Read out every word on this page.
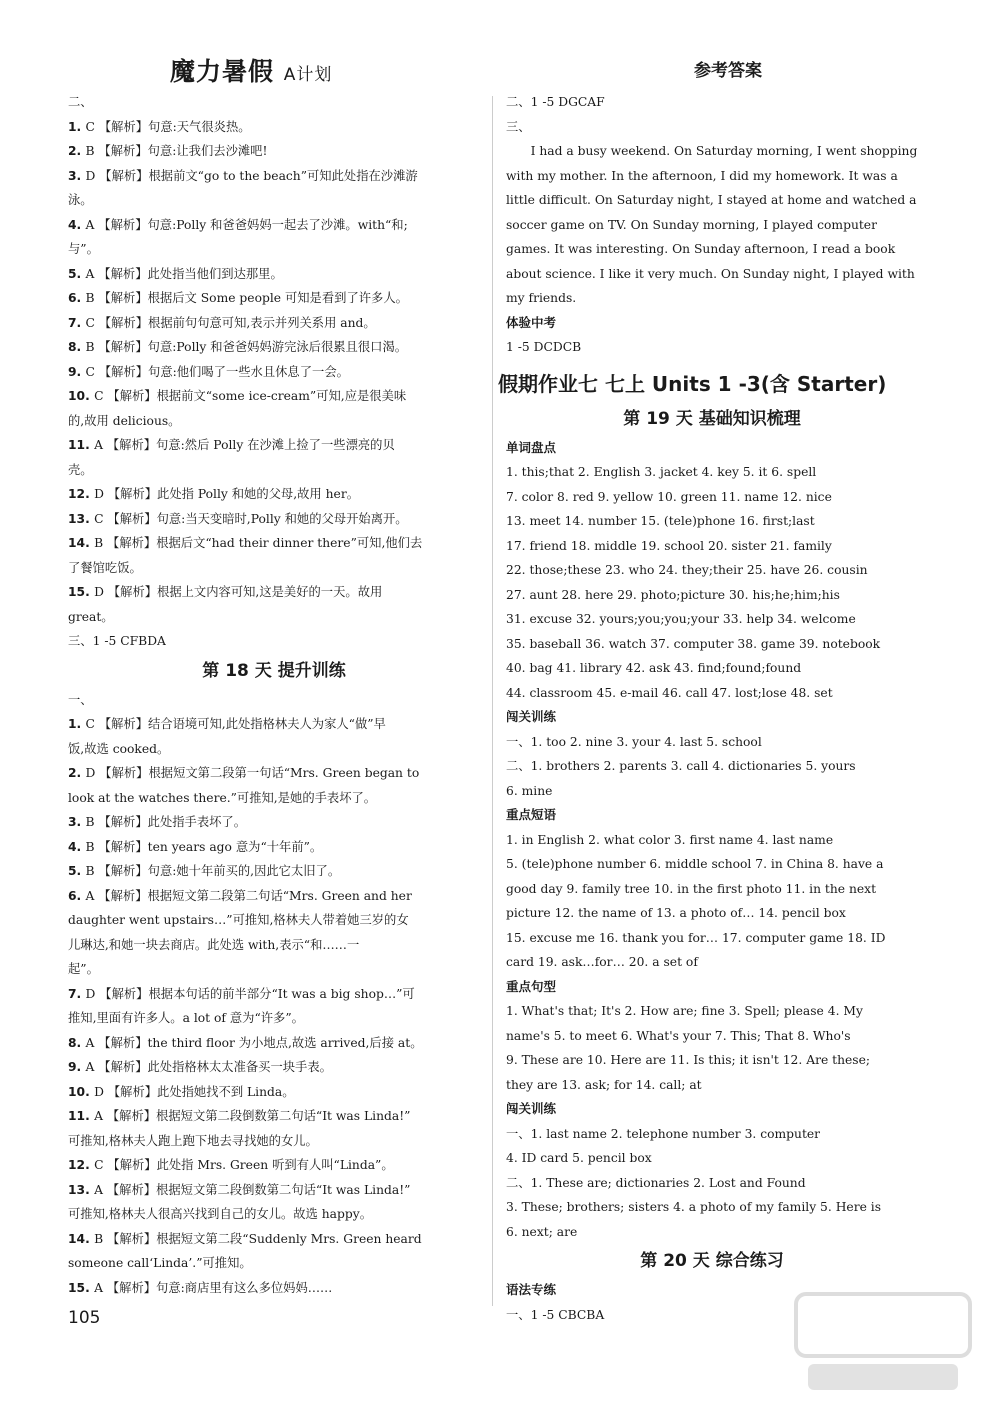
魔力暑假 A计划	参考答案
二、
1. C 【解析】句意:天气很炎热。
2. B 【解析】句意:让我们去沙滩吧!
3. D 【解析】根据前文“go to the beach”可知此处指在沙滩游
泳。
4. A 【解析】句意:Polly 和爸爸妈妈一起去了沙滩。with“和;
与”。
5. A 【解析】此处指当他们到达那里。
6. B 【解析】根据后文 Some people 可知是看到了许多人。
7. C 【解析】根据前句句意可知,表示并列关系用 and。
8. B 【解析】句意:Polly 和爸爸妈妈游完泳后很累且很口渴。
9. C 【解析】句意:他们喝了一些水且休息了一会。
10. C 【解析】根据前文“some ice-cream”可知,应是很美味
的,故用 delicious。
11. A 【解析】句意:然后 Polly 在沙滩上捡了一些漂亮的贝
壳。
12. D 【解析】此处指 Polly 和她的父母,故用 her。
13. C 【解析】句意:当天变暗时,Polly 和她的父母开始离开。
14. B 【解析】根据后文“had their dinner there”可知,他们去
了餐馆吃饭。
15. D 【解析】根据上文内容可知,这是美好的一天。故用
great。
三、1 -5 CFBDA
第 18 天 提升训练
一、
1. C 【解析】结合语境可知,此处指格林夫人为家人“做”早
饭,故选 cooked。
2. D 【解析】根据短文第二段第一句话“Mrs. Green began to
look at the watches there.”可推知,是她的手表坏了。
3. B 【解析】此处指手表坏了。
4. B 【解析】ten years ago 意为“十年前”。
5. B 【解析】句意:她十年前买的,因此它太旧了。
6. A 【解析】根据短文第二段第二句话“Mrs. Green and her
daughter went upstairs…”可推知,格林夫人带着她三岁的女
儿琳达,和她一块去商店。此处选 with,表示“和……一
起”。
7. D 【解析】根据本句话的前半部分“It was a big shop…”可
推知,里面有许多人。a lot of 意为“许多”。
8. A 【解析】the third floor 为小地点,故选 arrived,后接 at。
9. A 【解析】此处指格林太太准备买一块手表。
10. D 【解析】此处指她找不到 Linda。
11. A 【解析】根据短文第二段倒数第二句话“It was Linda!”
可推知,格林夫人跑上跑下地去寻找她的女儿。
12. C 【解析】此处指 Mrs. Green 听到有人叫“Linda”。
13. A 【解析】根据短文第二段倒数第二句话“It was Linda!”
可推知,格林夫人很高兴找到自己的女儿。故选 happy。
14. B 【解析】根据短文第二段“Suddenly Mrs. Green heard
someone call‘Linda’.”可推知。
15. A 【解析】句意:商店里有这么多位妈妈……
二、1 -5 DGCAF
三、
I had a busy weekend. On Saturday morning, I went shopping with my mother. In the afternoon, I did my homework. It was a little difficult. On Saturday night, I stayed at home and watched a soccer game on TV. On Sunday morning, I played computer games. It was interesting. On Sunday afternoon, I read a book about science. I like it very much. On Sunday night, I played with my friends.
体验中考
1 -5 DCDCB
假期作业七 七上 Units 1 -3(含 Starter)
第 19 天 基础知识梳理
单词盘点
1. this;that 2. English 3. jacket 4. key 5. it 6. spell
7. color 8. red 9. yellow 10. green 11. name 12. nice
13. meet 14. number 15. (tele)phone 16. first;last
17. friend 18. middle 19. school 20. sister 21. family
22. those;these 23. who 24. they;their 25. have 26. cousin
27. aunt 28. here 29. photo;picture 30. his;he;him;his
31. excuse 32. yours;you;you;your 33. help 34. welcome
35. baseball 36. watch 37. computer 38. game 39. notebook
40. bag 41. library 42. ask 43. find;found;found
44. classroom 45. e-mail 46. call 47. lost;lose 48. set
闯关训练
一、1. too 2. nine 3. your 4. last 5. school
二、1. brothers 2. parents 3. call 4. dictionaries 5. yours
6. mine
重点短语
1. in English 2. what color 3. first name 4. last name
5. (tele)phone number 6. middle school 7. in China 8. have a
good day 9. family tree 10. in the first photo 11. in the next
picture 12. the name of 13. a photo of… 14. pencil box
15. excuse me 16. thank you for… 17. computer game 18. ID
card 19. ask…for… 20. a set of
重点句型
1. What's that; It's 2. How are; fine 3. Spell; please 4. My
name's 5. to meet 6. What's your 7. This; That 8. Who's
9. These are 10. Here are 11. Is this; it isn't 12. Are these;
they are 13. ask; for 14. call; at
闯关训练
一、1. last name 2. telephone number 3. computer
4. ID card 5. pencil box
二、1. These are; dictionaries 2. Lost and Found
3. These; brothers; sisters 4. a photo of my family 5. Here is
6. next; are
第 20 天 综合练习
语法专练
一、1 -5 CBCBA
105
